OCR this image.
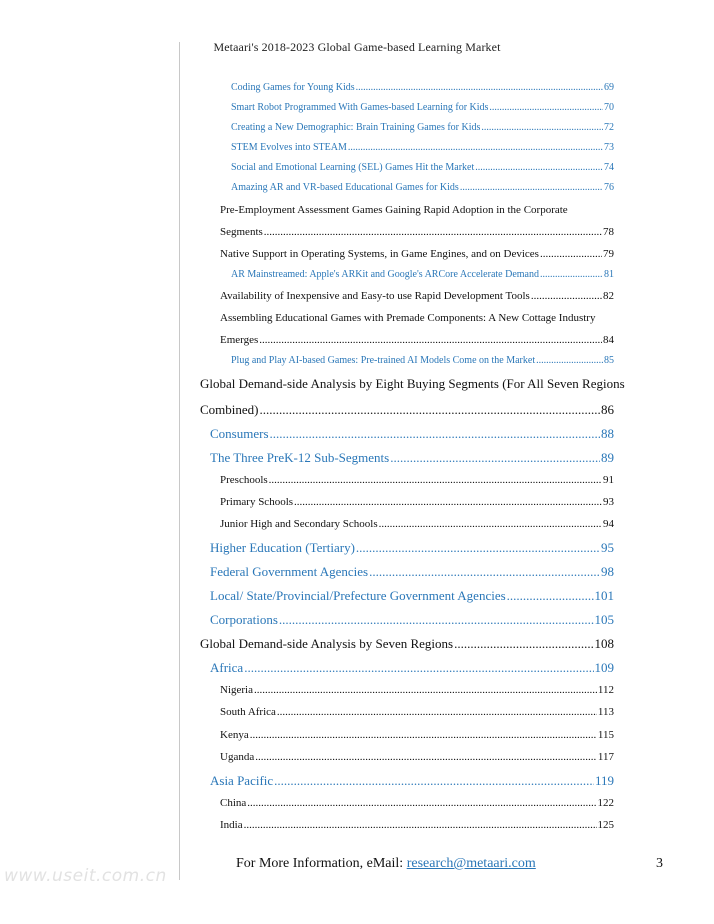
Metaari's 2018-2023 Global Game-based Learning Market
Coding Games for Young Kids .....	69
Smart Robot Programmed With Games-based Learning for Kids .....	70
Creating a New Demographic: Brain Training Games for Kids .....	72
STEM Evolves into STEAM .....	73
Social and Emotional Learning (SEL) Games Hit the Market .....	74
Amazing AR and VR-based Educational Games for Kids .....	76
Pre-Employment Assessment Games Gaining Rapid Adoption in the Corporate
Segments .....	78
Native Support in Operating Systems, in Game Engines, and on Devices .....	79
AR Mainstreamed: Apple's ARKit and Google's ARCore Accelerate Demand .....	81
Availability of Inexpensive and Easy-to use Rapid Development Tools .....	82
Assembling Educational Games with Premade Components: A New Cottage Industry
Emerges .....	84
Plug and Play AI-based Games: Pre-trained AI Models Come on the Market .....	85
Global Demand-side Analysis by Eight Buying Segments (For All Seven Regions
Combined) .....	86
Consumers .....	88
The Three PreK-12 Sub-Segments .....	89
Preschools .....	91
Primary Schools .....	93
Junior High and Secondary Schools .....	94
Higher Education (Tertiary) .....	95
Federal Government Agencies .....	98
Local/ State/Provincial/Prefecture Government Agencies .....	101
Corporations .....	105
Global Demand-side Analysis by Seven Regions .....	108
Africa .....	109
Nigeria .....	112
South Africa .....	113
Kenya .....	115
Uganda .....	117
Asia Pacific .....	119
China .....	122
India .....	125
For More Information, eMail: research@metaari.com	3
www.useit.com.cn
